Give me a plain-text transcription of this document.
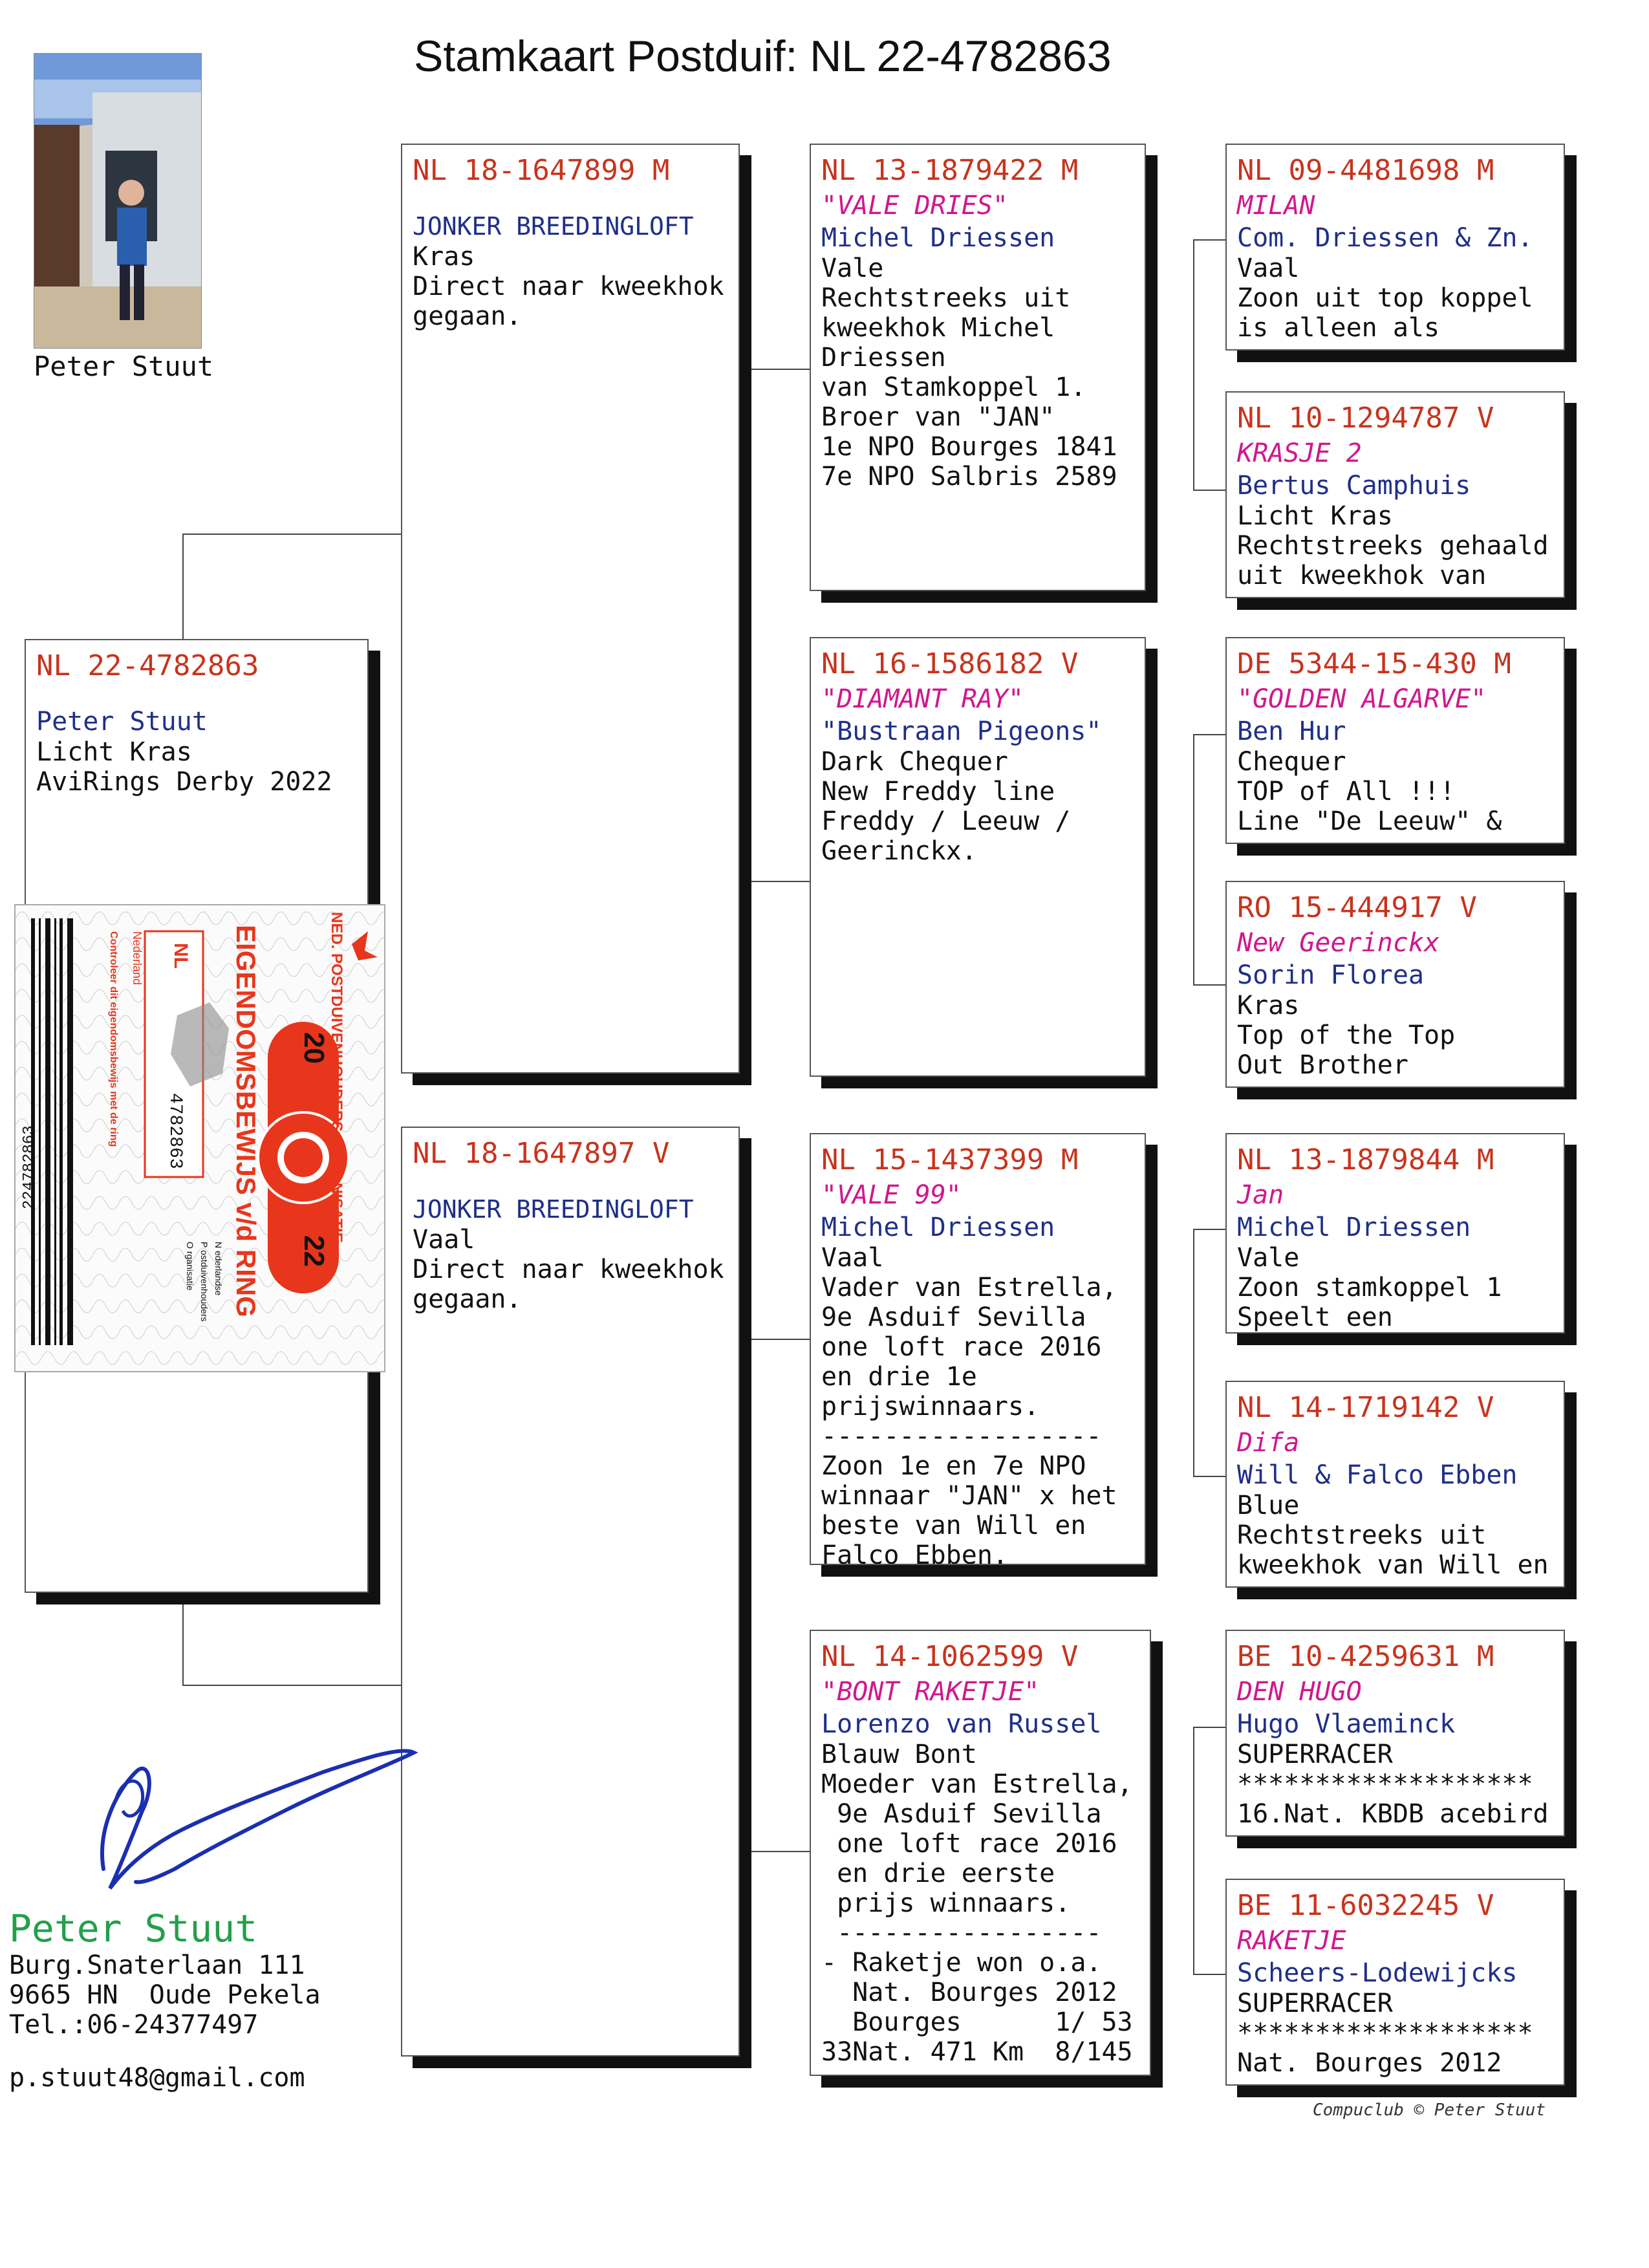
Stamkaart Postduif: NL 22-4782863
Peter Stuut
NL 22-4782863
Peter Stuut
Licht Kras
AviRings Derby 2022
NED. POSTDUIVENHOUDERS ORGANISATIE
EIGENDOMSBEWIJS v/d RING
Controleer dit eigendomsbewijs met de ring	NL
Nederland
4782863
224782863
20
22
N ederlandse
P ostduivenhouders
O rganisatie
NL 18-1647899 M
JONKER BREEDINGLOFT
Kras
Direct naar kweekhok
gegaan.
NL 18-1647897 V
JONKER BREEDINGLOFT
Vaal
Direct naar kweekhok
gegaan.
NL 13-1879422 M
"VALE DRIES"
Michel Driessen
Vale
Rechtstreeks uit
kweekhok Michel
Driessen
van Stamkoppel 1.
Broer van "JAN"
1e NPO Bourges 1841
7e NPO Salbris 2589
NL 16-1586182 V
"DIAMANT RAY"
"Bustraan Pigeons"
Dark Chequer
New Freddy line
Freddy / Leeuw /
Geerinckx.
NL 15-1437399 M
"VALE 99"
Michel Driessen
Vaal
Vader van Estrella,
9e Asduif Sevilla
one loft race 2016
en drie 1e
prijswinnaars.
------------------
Zoon 1e en 7e NPO
winnaar "JAN" x het
beste van Will en
Falco Ebben.
NL 14-1062599 V
"BONT RAKETJE"
Lorenzo van Russel
Blauw Bont
Moeder van Estrella,
9e Asduif Sevilla
one loft race 2016
en drie eerste
prijs winnaars.
-----------------
- Raketje won o.a.
Nat. Bourges 2012
Bourges      1/ 53
33Nat. 471 Km  8/145
NL 09-4481698 M
MILAN
Com. Driessen & Zn.
Vaal
Zoon uit top koppel
is alleen als
NL 10-1294787 V
KRASJE 2
Bertus Camphuis
Licht Kras
Rechtstreeks gehaald
uit kweekhok van
DE 5344-15-430 M
"GOLDEN ALGARVE"
Ben Hur
Chequer
TOP of All !!!
Line "De Leeuw" &
RO 15-444917 V
New Geerinckx
Sorin Florea
Kras
Top of the Top
Out Brother
NL 13-1879844 M
Jan
Michel Driessen
Vale
Zoon stamkoppel 1
Speelt een
NL 14-1719142 V
Difa
Will & Falco Ebben
Blue
Rechtstreeks uit
kweekhok van Will en
BE 10-4259631 M
DEN HUGO
Hugo Vlaeminck
SUPERRACER
*******************
16.Nat. KBDB acebird
BE 11-6032245 V
RAKETJE
Scheers-Lodewijcks
SUPERRACER
*******************
Nat. Bourges 2012
Peter Stuut
Burg.Snaterlaan 111
9665 HN  Oude Pekela
Tel.:06-24377497
p.stuut48@gmail.com
Compuclub © Peter Stuut
